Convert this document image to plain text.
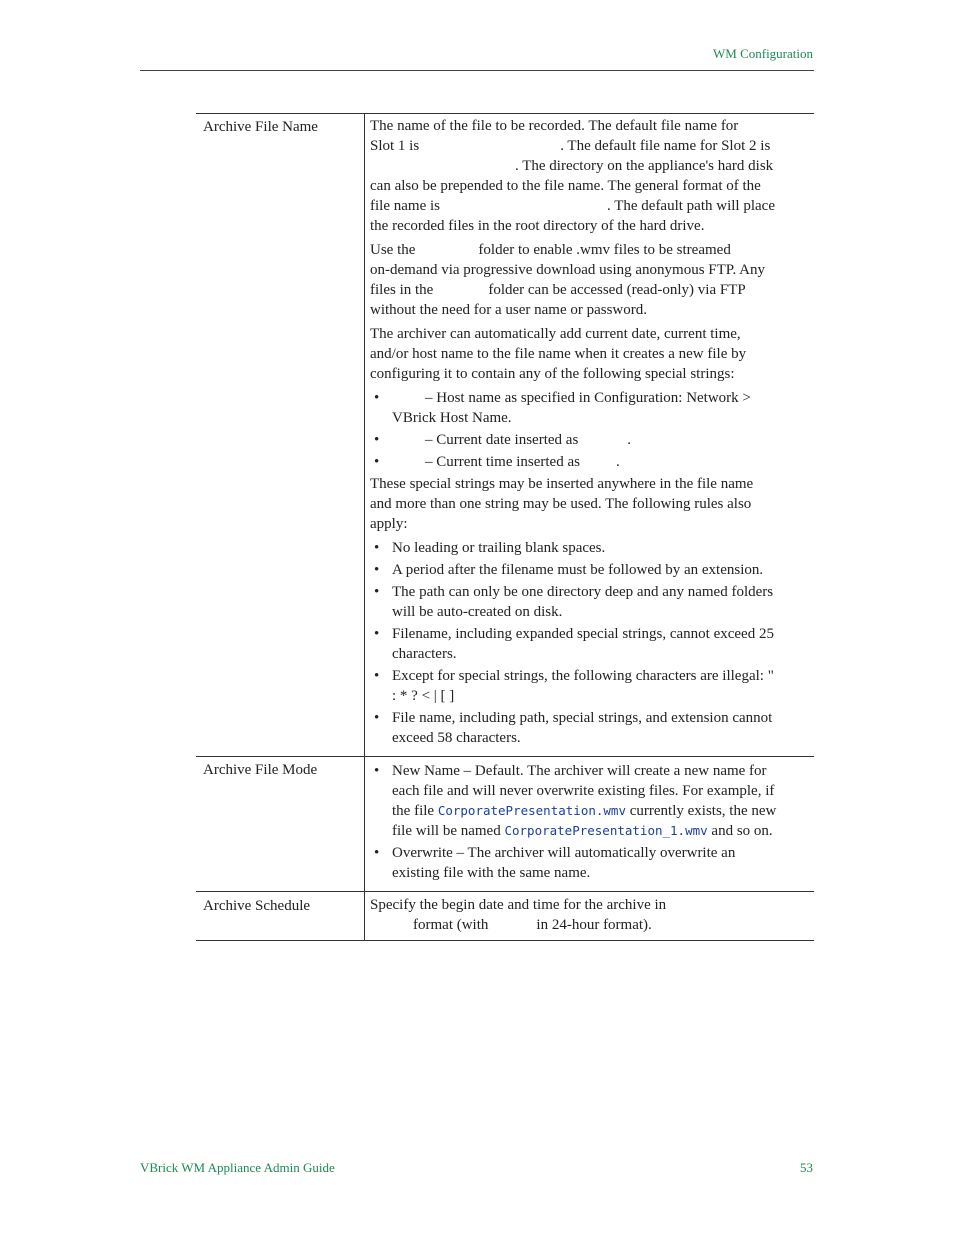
WM Configuration
Archive File Name	The name of the file to be recorded. The default file name for
Slot 1 is	. The default file name for Slot 2 is
. The directory on the appliance's hard disk
can also be prepended to the file name. The general format of the
file name is	. The default path will place
the recorded files in the root directory of the hard drive.
Use the	folder to enable .wmv files to be streamed
on-demand via progressive download using anonymous FTP. Any
files in the	folder can be accessed (read-only) via FTP
without the need for a user name or password.
The archiver can automatically add current date, current time,
and/or host name to the file name when it creates a new file by
configuring it to contain any of the following special strings:
• – Host name as specified in Configuration: Network >
VBrick Host Name.
• – Current date inserted as	.
• – Current time inserted as .
These special strings may be inserted anywhere in the file name
and more than one string may be used. The following rules also
apply:
• No leading or trailing blank spaces.
• A period after the filename must be followed by an extension.
• The path can only be one directory deep and any named folders
will be auto-created on disk.
• Filename, including expanded special strings, cannot exceed 25
characters.
• Except for special strings, the following characters are illegal: "
: * ? < | [ ]
• File name, including path, special strings, and extension cannot
exceed 58 characters.
Archive File Mode
•	New Name – Default. The archiver will create a new name for
each file and will never overwrite existing files. For example, if
the file CorporatePresentation.wmv currently exists, the new
file will be named CorporatePresentation_1.wmv and so on.
• Overwrite – The archiver will automatically overwrite an
existing file with the same name.
Archive Schedule	Specify the begin date and time for the archive in
format (with	in 24-hour format).
VBrick WM Appliance Admin Guide	53
